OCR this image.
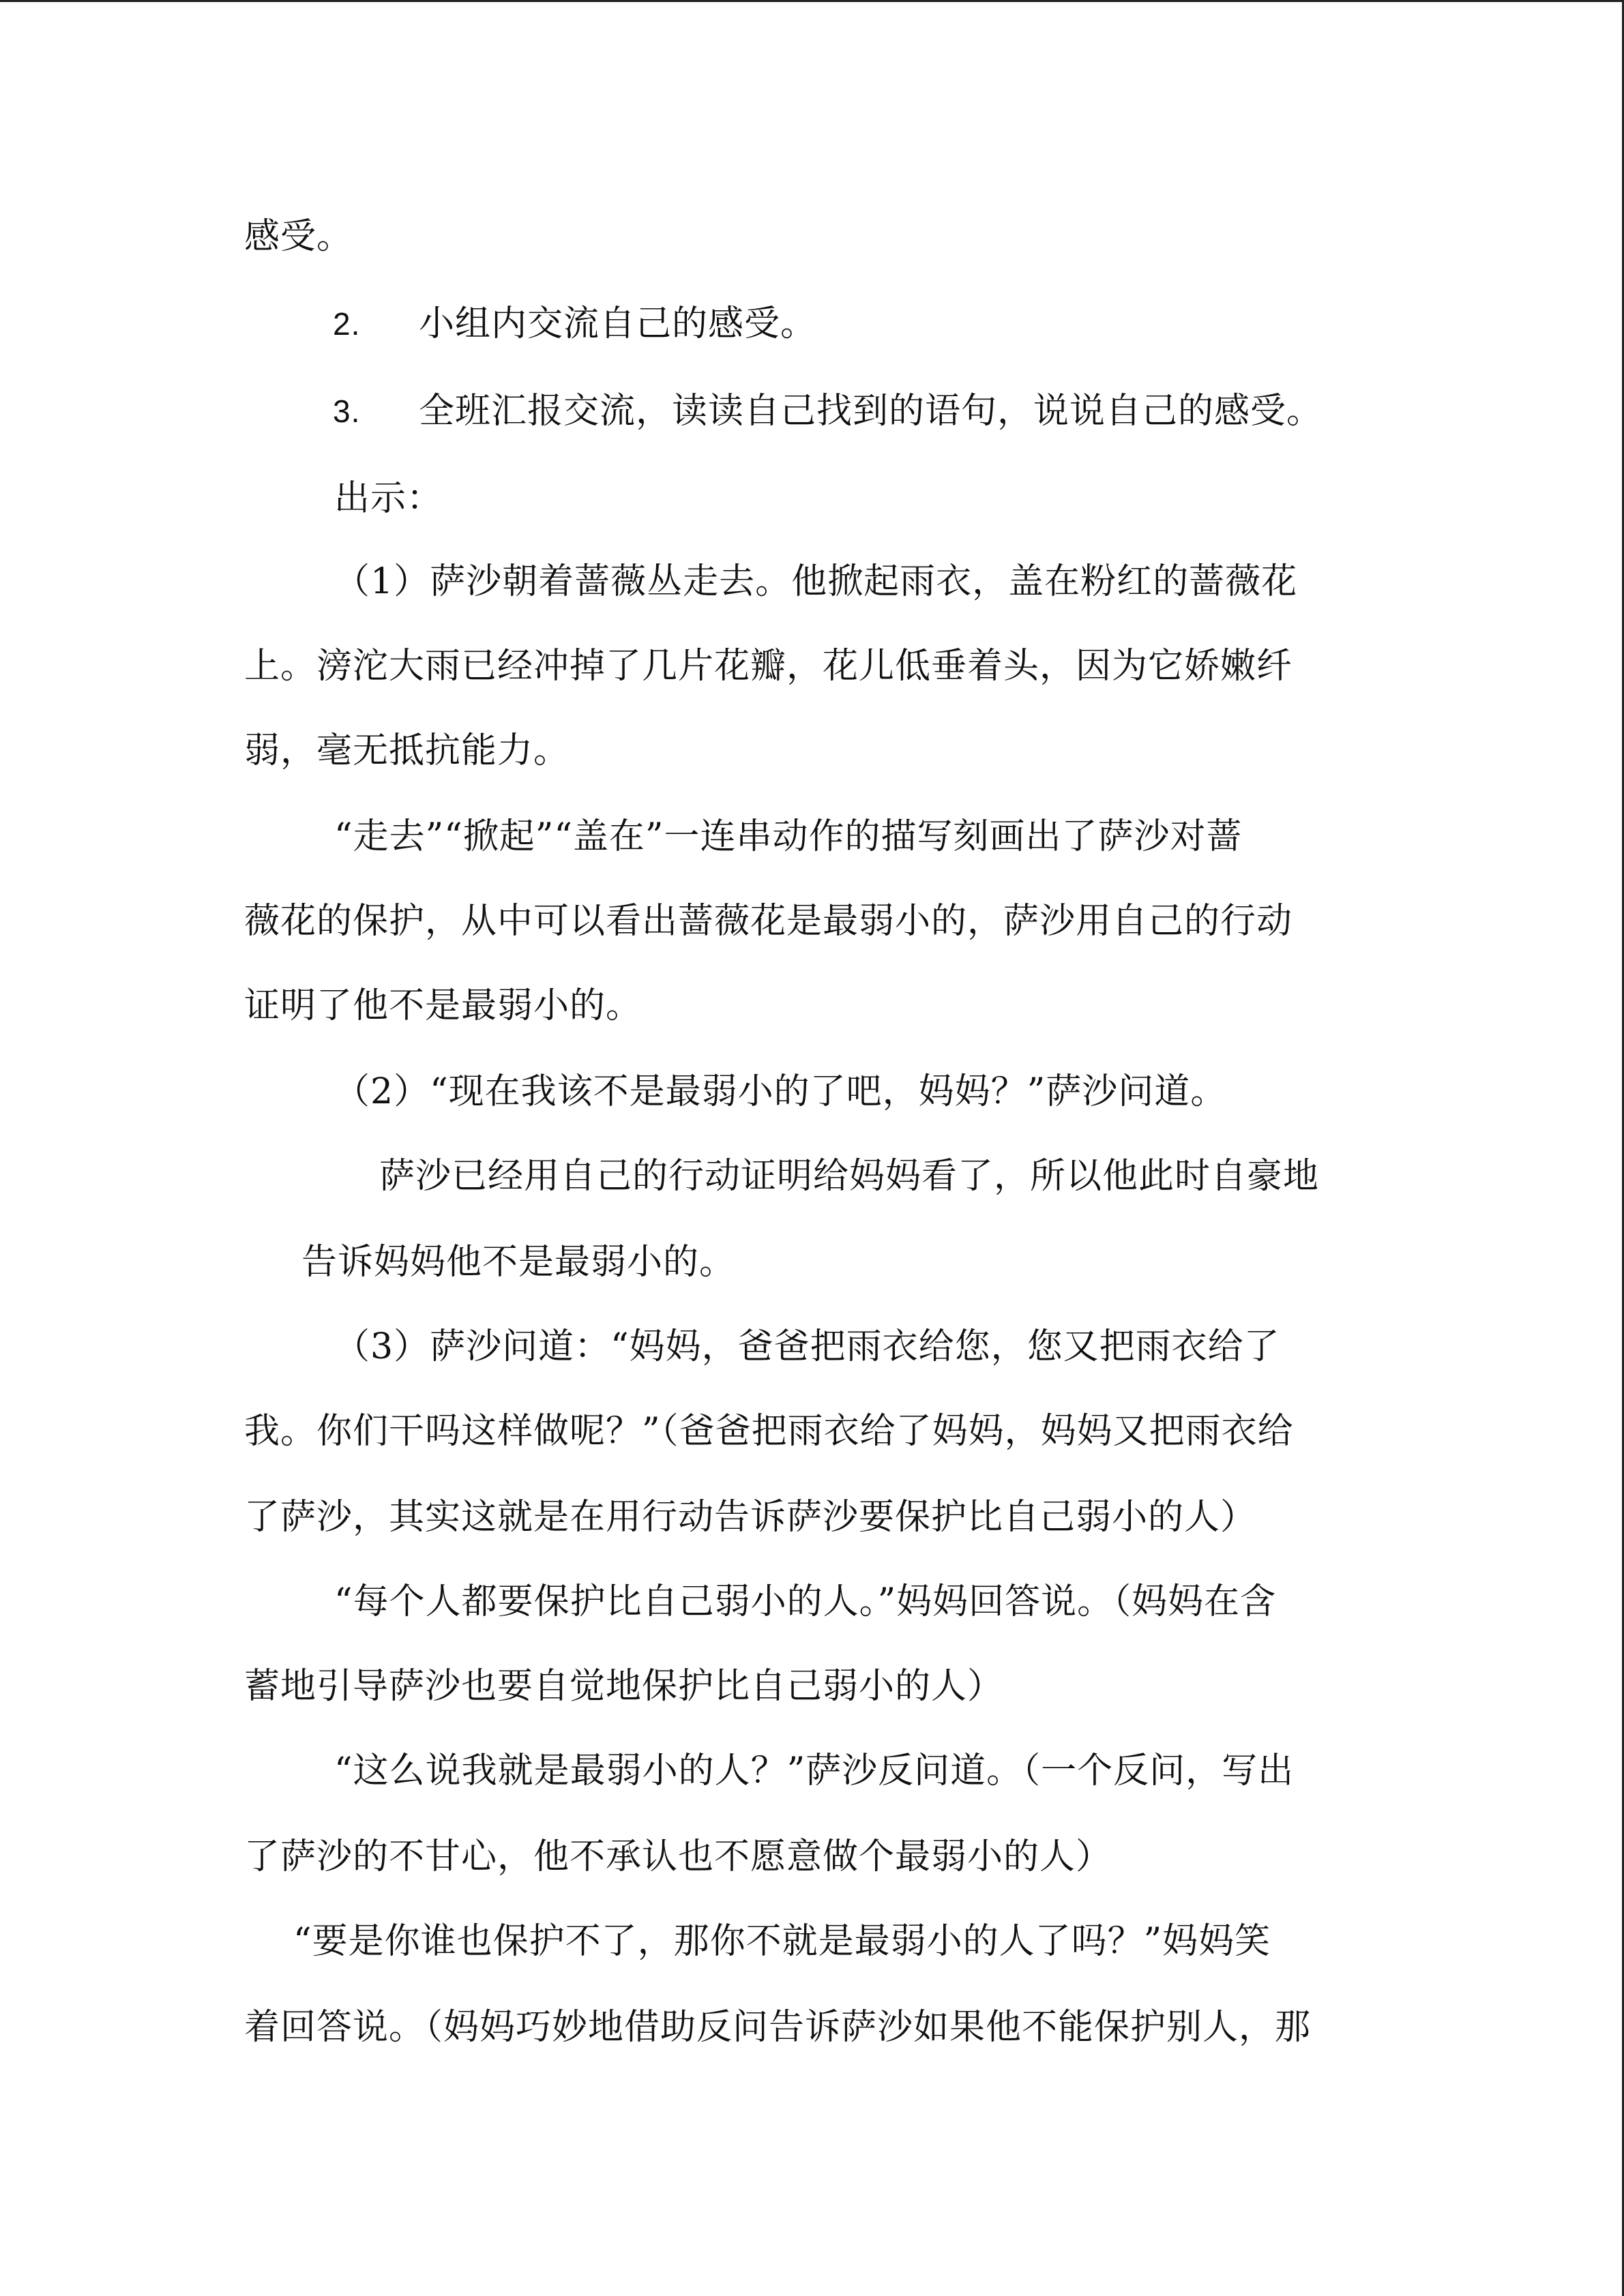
感受。
2. 小组内交流自己的感受。
3. 全班汇报交流，读读自己找到的语句，说说自己的感受。
出示：
（1）萨沙朝着蔷薇丛走去。他掀起雨衣，盖在粉红的蔷薇花
上。滂沱大雨已经冲掉了几片花瓣，花儿低垂着头，因为它娇嫩纤
弱，毫无抵抗能力。
“走去”“掀起”“盖在”一连串动作的描写刻画出了萨沙对蔷
薇花的保护，从中可以看出蔷薇花是最弱小的，萨沙用自己的行动
证明了他不是最弱小的。
（2）“现在我该不是最弱小的了吧，妈妈？”萨沙问道。
萨沙已经用自己的行动证明给妈妈看了，所以他此时自豪地
告诉妈妈他不是最弱小的。
（3）萨沙问道：“妈妈，爸爸把雨衣给您，您又把雨衣给了
我。你们干吗这样做呢？”（爸爸把雨衣给了妈妈，妈妈又把雨衣给
了萨沙，其实这就是在用行动告诉萨沙要保护比自己弱小的人）
“每个人都要保护比自己弱小的人。”妈妈回答说。（妈妈在含
蓄地引导萨沙也要自觉地保护比自己弱小的人）
“这么说我就是最弱小的人？”萨沙反问道。（一个反问，写出
了萨沙的不甘心，他不承认也不愿意做个最弱小的人）
“要是你谁也保护不了，那你不就是最弱小的人了吗？”妈妈笑
着回答说。（妈妈巧妙地借助反问告诉萨沙如果他不能保护别人，那
